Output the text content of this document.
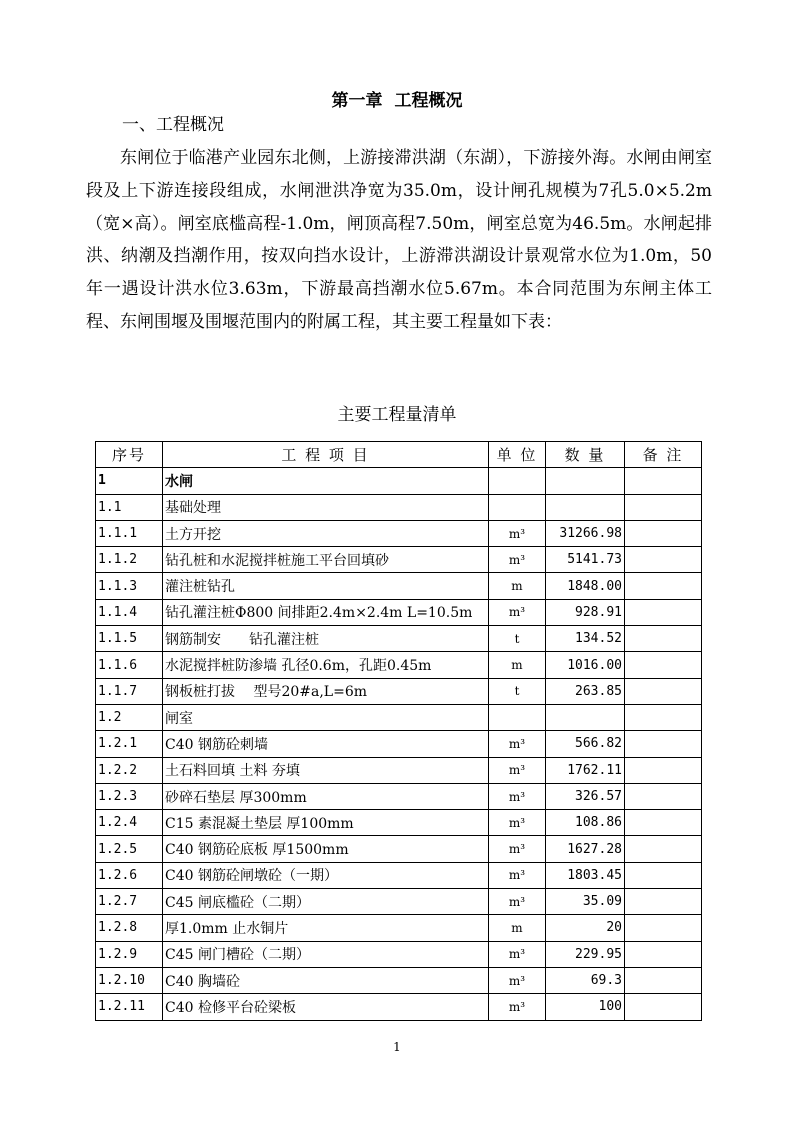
第一章 工程概况
一、工程概况

东闸位于临港产业园东北侧，上游接滞洪湖（东湖），下游接外海。水闸由闸室段及上下游连接段组成，水闸泄洪净宽为35.0m，设计闸孔规模为7孔5.0×5.2m（宽×高）。闸室底槛高程-1.0m，闸顶高程7.50m，闸室总宽为46.5m。水闸起排洪、纳潮及挡潮作用，按双向挡水设计，上游滞洪湖设计景观常水位为1.0m，50 年一遇设计洪水位3.63m，下游最高挡潮水位5.67m。本合同范围为东闸主体工程、东闸围堰及围堰范围内的附属工程，其主要工程量如下表：

主要工程量清单
序号	工 程 项 目	单 位	数 量	备 注
1	水闸			
1.1	基础处理			
1.1.1	土方开挖	m³	31266.98	
1.1.2	钻孔桩和水泥搅拌桩施工平台回填砂	m³	5141.73	
1.1.3	灌注桩钻孔	m	1848.00	
1.1.4	钻孔灌注桩Φ800 间排距2.4m×2.4m L=10.5m	m³	928.91	
1.1.5	钢筋制安　　钻孔灌注桩	t	134.52	
1.1.6	水泥搅拌桩防渗墙 孔径0.6m，孔距0.45m	m	1016.00	
1.1.7	钢板桩打拔　 型号20#a,L=6m	t	263.85	
1.2	闸室			
1.2.1	C40 钢筋砼刺墙	m³	566.82	
1.2.2	土石料回填 土料 夯填	m³	1762.11	
1.2.3	砂碎石垫层 厚300mm	m³	326.57	
1.2.4	C15 素混凝土垫层 厚100mm	m³	108.86	
1.2.5	C40 钢筋砼底板 厚1500mm	m³	1627.28	
1.2.6	C40 钢筋砼闸墩砼（一期）	m³	1803.45	
1.2.7	C45 闸底槛砼（二期）	m³	35.09	
1.2.8	厚1.0mm 止水铜片	m	20	
1.2.9	C45 闸门槽砼（二期）	m³	229.95	
1.2.10	C40 胸墙砼	m³	69.3	
1.2.11	C40 检修平台砼梁板	m³	100	
1
